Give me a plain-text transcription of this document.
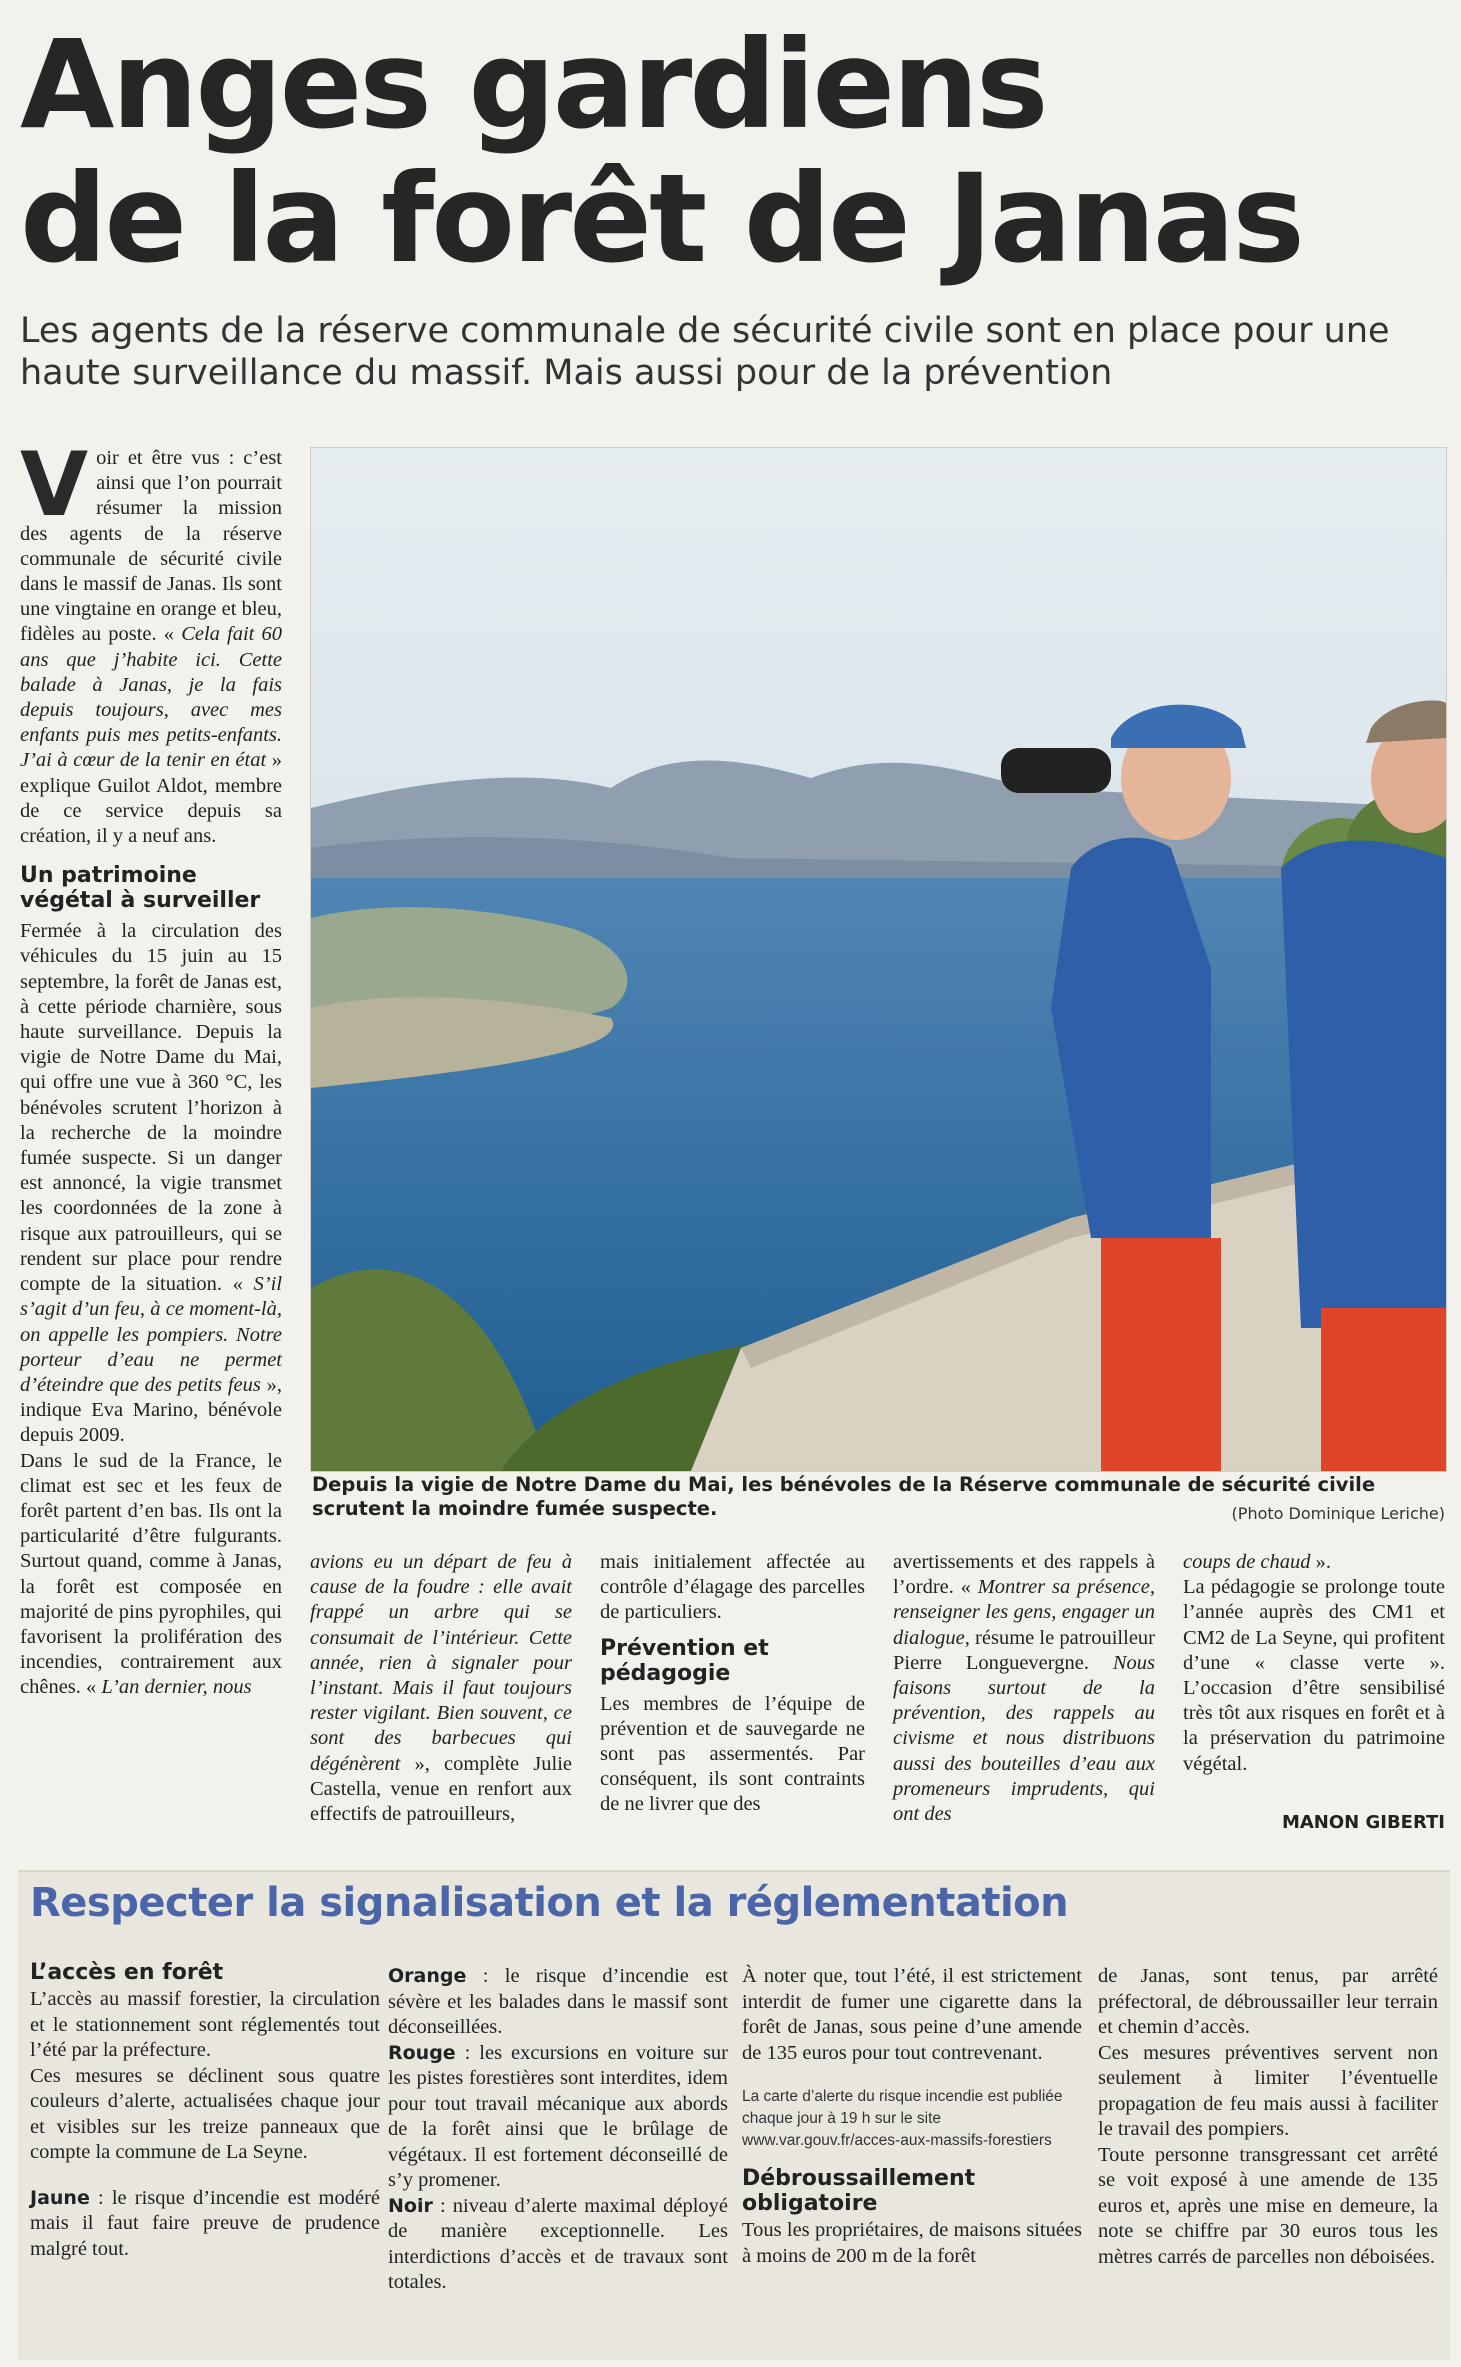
Anges gardiens
de la forêt de Janas

Les agents de la réserve communale de sécurité civile sont en place pour une haute surveillance du massif. Mais aussi pour de la prévention

Voir et être vus : c’est ainsi que l’on pourrait résumer la mission des agents de la réserve communale de sécurité civile dans le massif de Janas. Ils sont une vingtaine en orange et bleu, fidèles au poste. « Cela fait 60 ans que j’habite ici. Cette balade à Janas, je la fais depuis toujours, avec mes enfants puis mes petits-enfants. J’ai à cœur de la tenir en état » explique Guilot Aldot, membre de ce service depuis sa création, il y a neuf ans.

Un patrimoine végétal à surveiller

Fermée à la circulation des véhicules du 15 juin au 15 septembre, la forêt de Janas est, à cette période charnière, sous haute surveillance. Depuis la vigie de Notre Dame du Mai, qui offre une vue à 360 °C, les bénévoles scrutent l’horizon à la recherche de la moindre fumée suspecte. Si un danger est annoncé, la vigie transmet les coordonnées de la zone à risque aux patrouilleurs, qui se rendent sur place pour rendre compte de la situation. « S’il s’agit d’un feu, à ce moment-là, on appelle les pompiers. Notre porteur d’eau ne permet d’éteindre que des petits feus », indique Eva Marino, bénévole depuis 2009.

Dans le sud de la France, le climat est sec et les feux de forêt partent d’en bas. Ils ont la particularité d’être fulgurants. Surtout quand, comme à Janas, la forêt est composée en majorité de pins pyrophiles, qui favorisent la prolifération des incendies, contrairement aux chênes. « L’an dernier, nous

Depuis la vigie de Notre Dame du Mai, les bénévoles de la Réserve communale de sécurité civile scrutent la moindre fumée suspecte.	(Photo Dominique Leriche)

avions eu un départ de feu à cause de la foudre : elle avait frappé un arbre qui se consumait de l’intérieur. Cette année, rien à signaler pour l’instant. Mais il faut toujours rester vigilant. Bien souvent, ce sont des barbecues qui dégénèrent », complète Julie Castella, venue en renfort aux effectifs de patrouilleurs,

mais initialement affectée au contrôle d’élagage des parcelles de particuliers.

Prévention et pédagogie

Les membres de l’équipe de prévention et de sauvegarde ne sont pas assermentés. Par conséquent, ils sont contraints de ne livrer que des

avertissements et des rappels à l’ordre. « Montrer sa présence, renseigner les gens, engager un dialogue, résume le patrouilleur Pierre Longuevergne. Nous faisons surtout de la prévention, des rappels au civisme et nous distribuons aussi des bouteilles d’eau aux promeneurs imprudents, qui ont des

coups de chaud ».

La pédagogie se prolonge toute l’année auprès des CM1 et CM2 de La Seyne, qui profitent d’une « classe verte ». L’occasion d’être sensibilisé très tôt aux risques en forêt et à la préservation du patrimoine végétal.

MANON GIBERTI
Respecter la signalisation et la réglementation
L’accès en forêt

L’accès au massif forestier, la circulation et le stationnement sont réglementés tout l’été par la préfecture.

Ces mesures se déclinent sous quatre couleurs d’alerte, actualisées chaque jour et visibles sur les treize panneaux que compte la commune de La Seyne.

Jaune : le risque d’incendie est modéré mais il faut faire preuve de prudence malgré tout.

Orange : le risque d’incendie est sévère et les balades dans le massif sont déconseillées.

Rouge : les excursions en voiture sur les pistes forestières sont interdites, idem pour tout travail mécanique aux abords de la forêt ainsi que le brûlage de végétaux. Il est fortement déconseillé de s’y promener.

Noir : niveau d’alerte maximal déployé de manière exceptionnelle. Les interdictions d’accès et de travaux sont totales.

À noter que, tout l’été, il est strictement interdit de fumer une cigarette dans la forêt de Janas, sous peine d’une amende de 135 euros pour tout contrevenant.

La carte d’alerte du risque incendie est publiée chaque jour à 19 h sur le site www.var.gouv.fr/acces-aux-massifs-forestiers

Débroussaillement obligatoire

Tous les propriétaires, de maisons situées à moins de 200 m de la forêt

de Janas, sont tenus, par arrêté préfectoral, de débroussailler leur terrain et chemin d’accès.

Ces mesures préventives servent non seulement à limiter l’éventuelle propagation de feu mais aussi à faciliter le travail des pompiers.

Toute personne transgressant cet arrêté se voit exposé à une amende de 135 euros et, après une mise en demeure, la note se chiffre par 30 euros tous les mètres carrés de parcelles non déboisées.
